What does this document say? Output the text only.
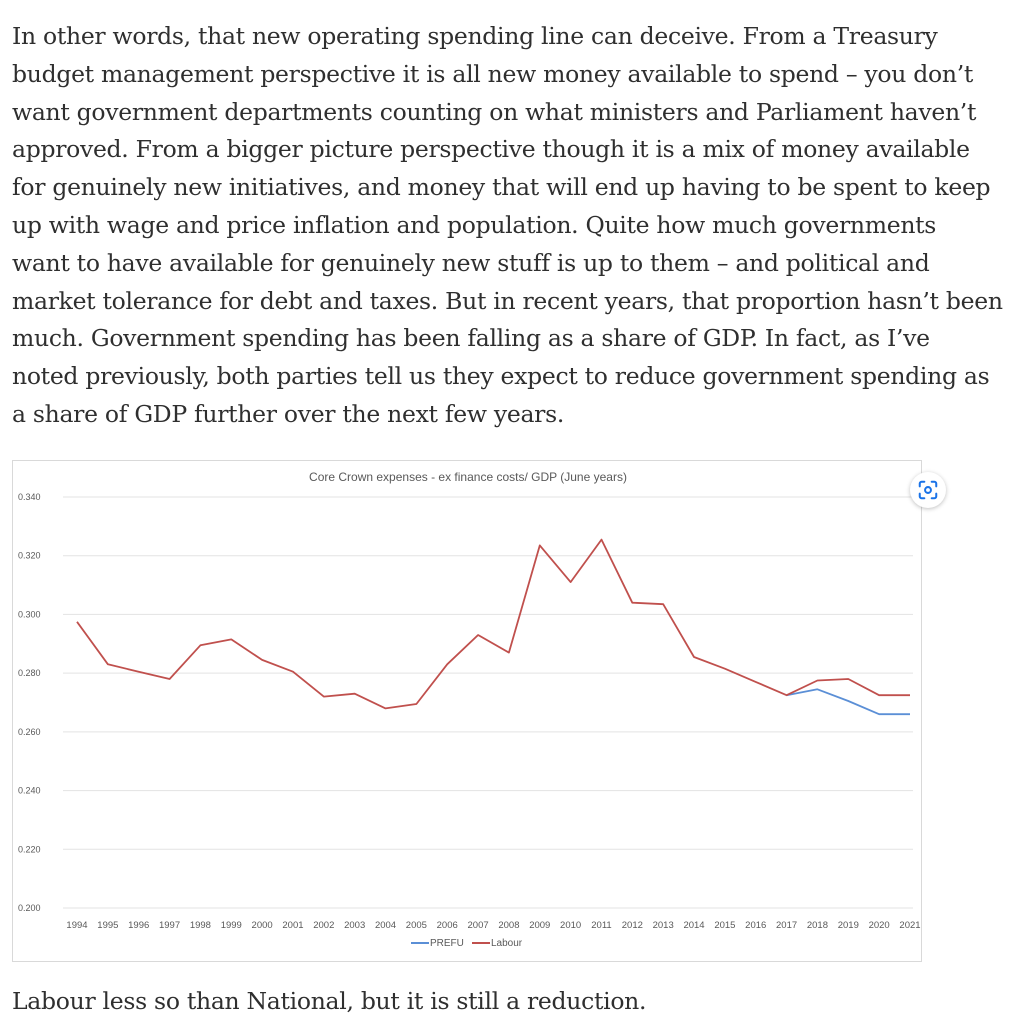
In other words, that new operating spending line can deceive. From a Treasury
budget management perspective it is all new money available to spend – you don’t
want government departments counting on what ministers and Parliament haven’t
approved. From a bigger picture perspective though it is a mix of money available
for genuinely new initiatives, and money that will end up having to be spent to keep
up with wage and price inflation and population. Quite how much governments
want to have available for genuinely new stuff is up to them – and political and
market tolerance for debt and taxes. But in recent years, that proportion hasn’t been
much. Government spending has been falling as a share of GDP. In fact, as I’ve
noted previously, both parties tell us they expect to reduce government spending as
a share of GDP further over the next few years.
Core Crown expenses - ex finance costs/ GDP (June years)
0.340
0.320
0.300
0.280
0.260
0.240
0.220
0.200
1994 1995 1996 1997 1998 1999 2000 2001 2002 2003 2004 2005 2006 2007 2008 2009 2010 2011 2012 2013 2014 2015 2016 2017 2018 2019 2020 2021
PREFU	Labour

Labour less so than National, but it is still a reduction.
